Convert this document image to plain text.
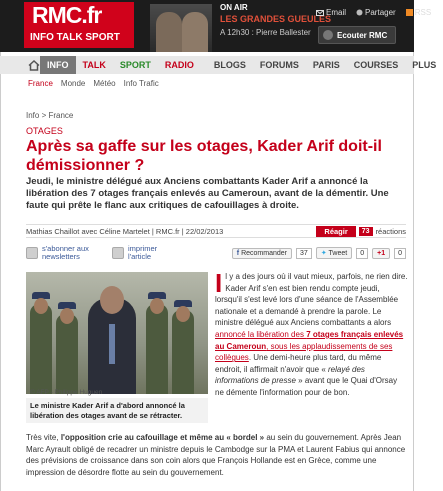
RMC.fr
INFO TALK SPORT
ON AIR
LES GRANDES GUEULES
A 12h30 : Pierre Ballester
Email Partager RSS
Ecouter RMC
INFO	TALK	SPORT	RADIO	BLOGS	FORUMS	PARIS	COURSES	PLUS
France Monde Météo Info Trafic
Info > France
OTAGES
Après sa gaffe sur les otages, Kader Arif doit-il démissionner ?

Jeudi, le ministre délégué aux Anciens combattants Kader Arif a annoncé la libération des 7 otages français enlevés au Cameroun, avant de la démentir. Une faute qui prête le flanc aux critiques de cafouillages à droite.

Mathias Chaillot avec Céline Martelet | RMC.fr | 22/02/2013	Réagir	73 réactions
s'abonner aux newsletters
imprimer l'article	f Recommander	37	✦ Tweet	0	+1	0
© AFP - Philippe Huguen
Le ministre Kader Arif a d'abord annoncé la libération des otages avant de se rétracter.
Il y a des jours où il vaut mieux, parfois, ne rien dire. Kader Arif s'en est bien rendu compte jeudi, lorsqu'il s'est levé lors d'une séance de l'Assemblée nationale et a demandé à prendre la parole. Le ministre délégué aux Anciens combattants a alors annoncé la libération des 7 otages français enlevés au Cameroun, sous les applaudissements de ses collègues. Une demi-heure plus tard, du même endroit, il affirmait n'avoir que « relayé des informations de presse » avant que le Quai d'Orsay ne démente l'information pour de bon.
Très vite, l'opposition crie au cafouillage et même au « bordel » au sein du gouvernement. Après Jean Marc Ayrault obligé de recadrer un ministre depuis le Cambodge sur la PMA et Laurent Fabius qui annonce des prévisions de croissance dans son coin alors que François Hollande est en Grèce, comme une impression de désordre flotte au sein du gouvernement.
